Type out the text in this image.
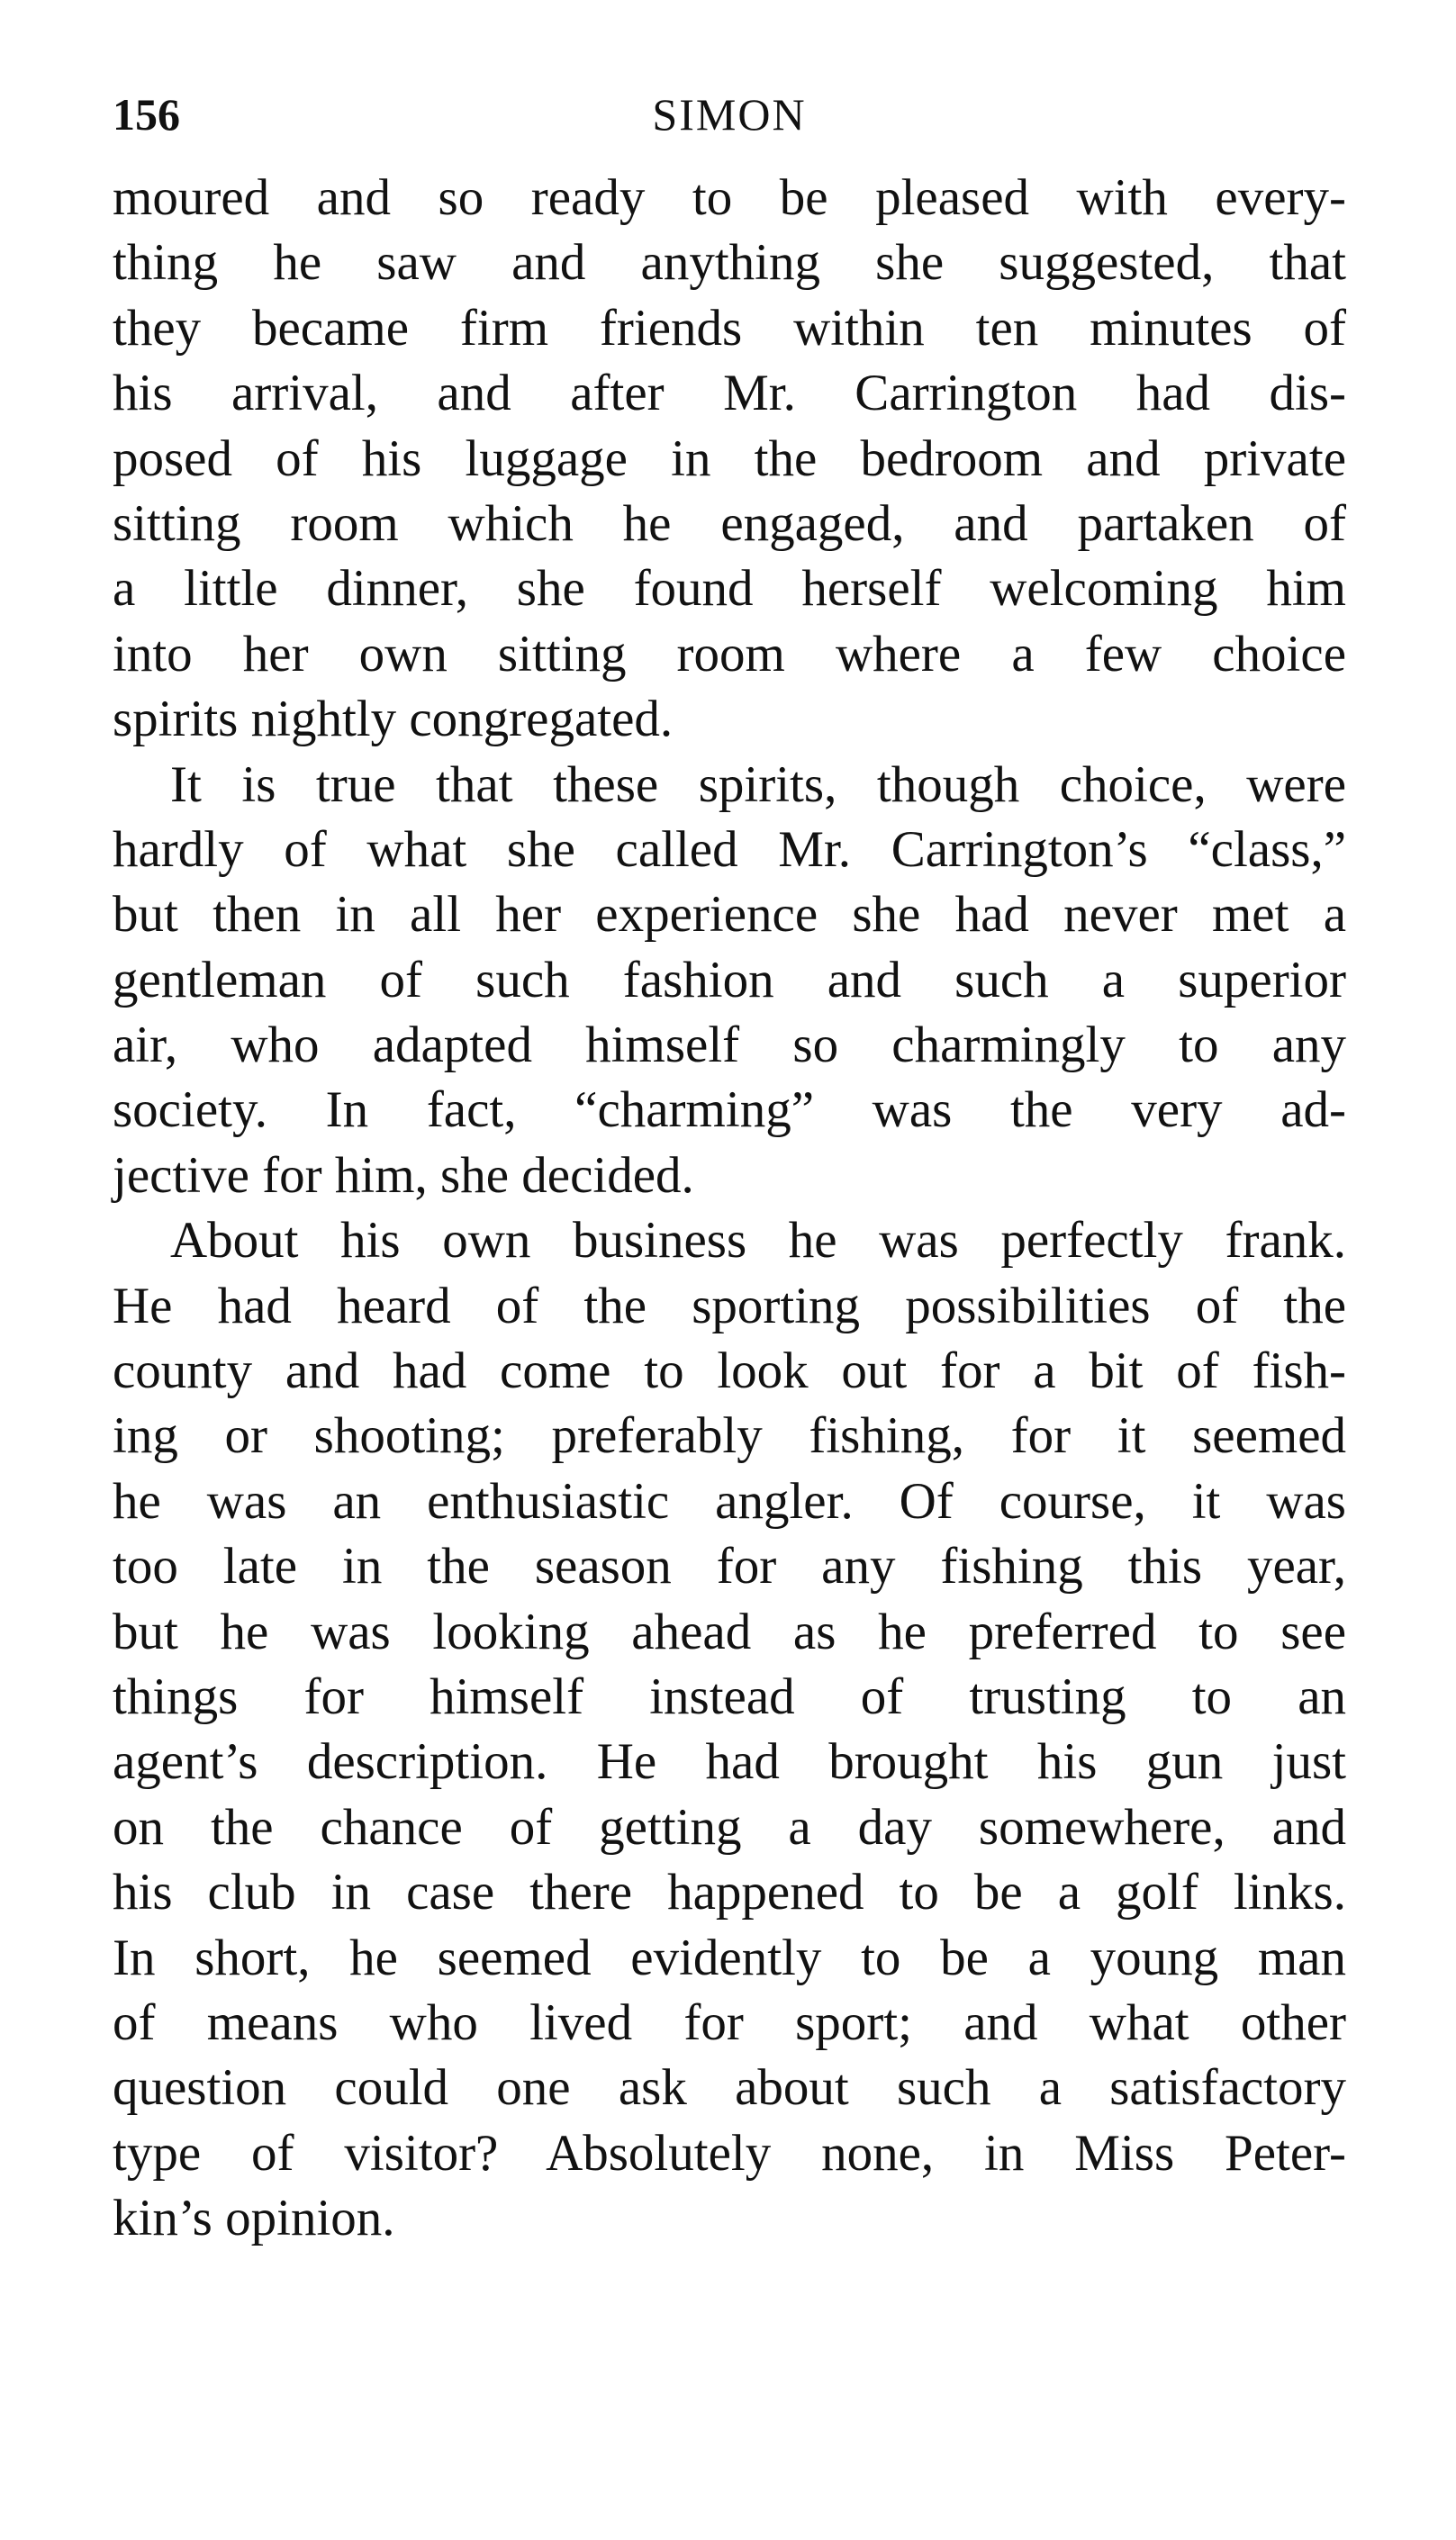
156	SIMON
moured and so ready to be pleased with every-
thing he saw and anything she suggested, that
they became firm friends within ten minutes of
his arrival, and after Mr. Carrington had dis-
posed of his luggage in the bedroom and private
sitting room which he engaged, and partaken of
a little dinner, she found herself welcoming him
into her own sitting room where a few choice
spirits nightly congregated.
It is true that these spirits, though choice, were
hardly of what she called Mr. Carrington’s “class,”
but then in all her experience she had never met a
gentleman of such fashion and such a superior
air, who adapted himself so charmingly to any
society. In fact, “charming” was the very ad-
jective for him, she decided.
About his own business he was perfectly frank.
He had heard of the sporting possibilities of the
county and had come to look out for a bit of fish-
ing or shooting; preferably fishing, for it seemed
he was an enthusiastic angler. Of course, it was
too late in the season for any fishing this year,
but he was looking ahead as he preferred to see
things for himself instead of trusting to an
agent’s description. He had brought his gun just
on the chance of getting a day somewhere, and
his club in case there happened to be a golf links.
In short, he seemed evidently to be a young man
of means who lived for sport; and what other
question could one ask about such a satisfactory
type of visitor? Absolutely none, in Miss Peter-
kin’s opinion.
